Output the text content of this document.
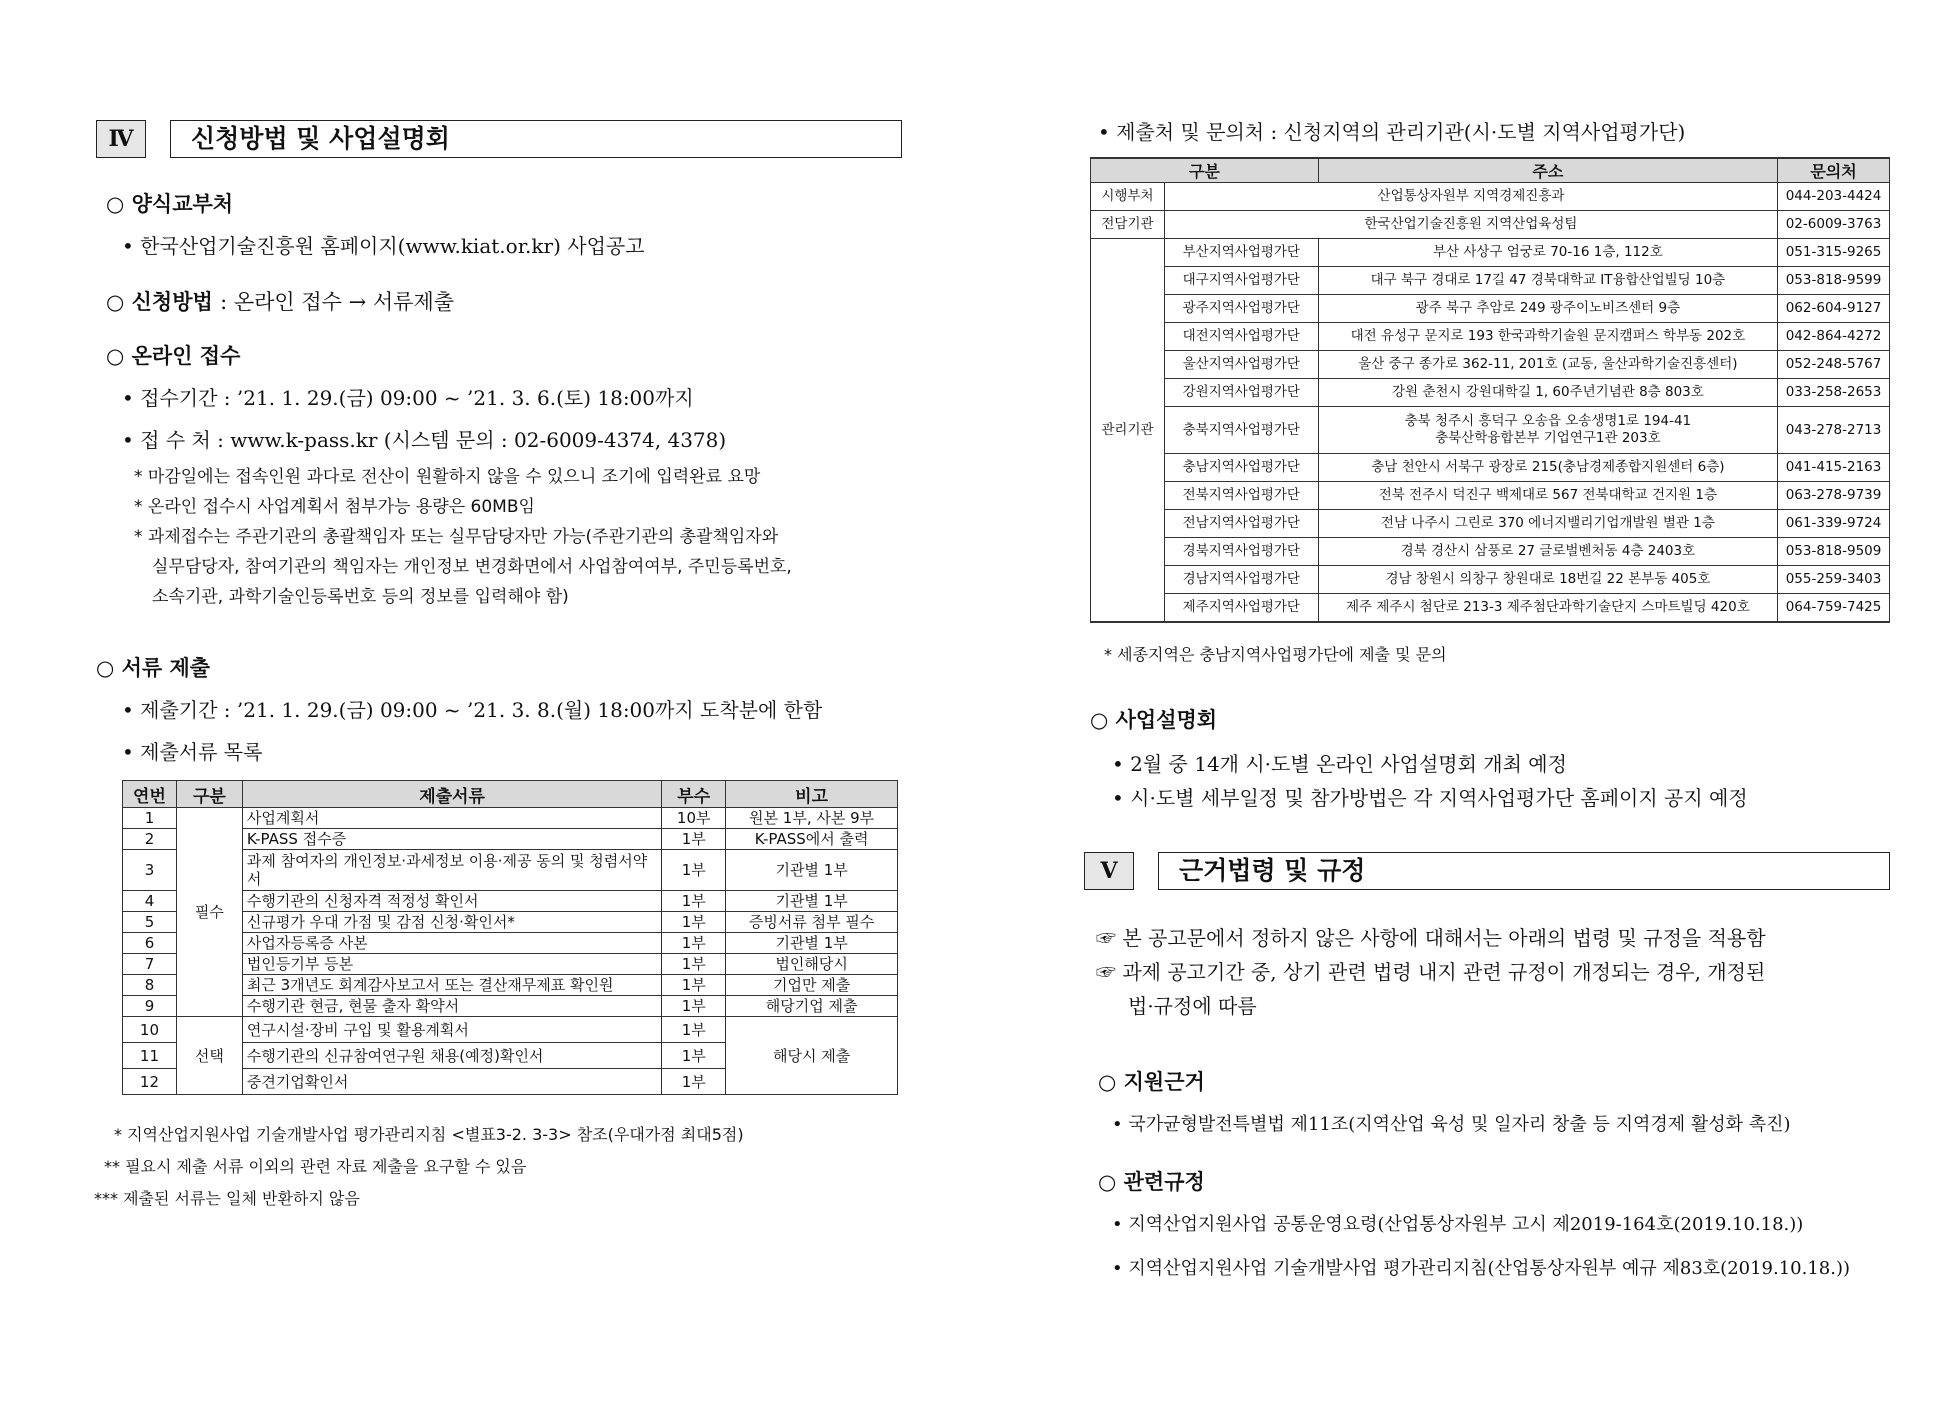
Ⅳ	신청방법 및 사업설명회
○ 양식교부처
• 한국산업기술진흥원 홈페이지(www.kiat.or.kr) 사업공고
○ 신청방법 : 온라인 접수 → 서류제출
○ 온라인 접수
• 접수기간 : ’21. 1. 29.(금) 09:00 ~ ’21. 3. 6.(토) 18:00까지
• 접 수 처 : www.k-pass.kr (시스템 문의 : 02-6009-4374, 4378)
* 마감일에는 접속인원 과다로 전산이 원활하지 않을 수 있으니 조기에 입력완료 요망
* 온라인 접수시 사업계획서 첨부가능 용량은 60MB임
* 과제접수는 주관기관의 총괄책임자 또는 실무담당자만 가능(주관기관의 총괄책임자와
실무담당자, 참여기관의 책임자는 개인정보 변경화면에서 사업참여여부, 주민등록번호,
소속기관, 과학기술인등록번호 등의 정보를 입력해야 함)
○ 서류 제출
• 제출기간 : ’21. 1. 29.(금) 09:00 ~ ’21. 3. 8.(월) 18:00까지 도착분에 한함
• 제출서류 목록
연번	구분	제출서류	부수	비고
1	필수	사업계획서	10부	원본 1부, 사본 9부
2		K-PASS 접수증	1부	K-PASS에서 출력
3		과제 참여자의 개인정보·과세정보 이용·제공 동의 및 청렴서약서	1부	기관별 1부
4		수행기관의 신청자격 적정성 확인서	1부	기관별 1부
5		신규평가 우대 가점 및 감점 신청·확인서*	1부	증빙서류 첨부 필수
6		사업자등록증 사본	1부	기관별 1부
7		법인등기부 등본	1부	법인해당시
8		최근 3개년도 회계감사보고서 또는 결산재무제표 확인원	1부	기업만 제출
9		수행기관 현금, 현물 출자 확약서	1부	해당기업 제출
10	선택	연구시설·장비 구입 및 활용계획서	1부	해당시 제출
11		수행기관의 신규참여연구원 채용(예정)확인서	1부	
12		중견기업확인서	1부	
* 지역산업지원사업 기술개발사업 평가관리지침 <별표3-2. 3-3> 참조(우대가점 최대5점)
** 필요시 제출 서류 이외의 관련 자료 제출을 요구할 수 있음
*** 제출된 서류는 일체 반환하지 않음
• 제출처 및 문의처 : 신청지역의 관리기관(시·도별 지역사업평가단)
구분		주소	문의처
시행부처	산업통상자원부 지역경제진흥과		044-203-4424
전담기관	한국산업기술진흥원 지역산업육성팀		02-6009-3763
관리기관	부산지역사업평가단	부산 사상구 엄궁로 70-16 1층, 112호	051-315-9265
	대구지역사업평가단	대구 북구 경대로 17길 47 경북대학교 IT융합산업빌딩 10층	053-818-9599
	광주지역사업평가단	광주 북구 추암로 249 광주이노비즈센터 9층	062-604-9127
	대전지역사업평가단	대전 유성구 문지로 193 한국과학기술원 문지캠퍼스 학부동 202호	042-864-4272
	울산지역사업평가단	울산 중구 종가로 362-11, 201호 (교동, 울산과학기술진흥센터)	052-248-5767
	강원지역사업평가단	강원 춘천시 강원대학길 1, 60주년기념관 8층 803호	033-258-2653
	충북지역사업평가단	충북 청주시 흥덕구 오송읍 오송생명1로 194-41
충북산학융합본부 기업연구1관 203호	043-278-2713
	충남지역사업평가단	충남 천안시 서북구 광장로 215(충남경제종합지원센터 6층)	041-415-2163
	전북지역사업평가단	전북 전주시 덕진구 백제대로 567 전북대학교 건지원 1층	063-278-9739
	전남지역사업평가단	전남 나주시 그린로 370 에너지밸리기업개발원 별관 1층	061-339-9724
	경북지역사업평가단	경북 경산시 삼풍로 27 글로벌벤처동 4층 2403호	053-818-9509
	경남지역사업평가단	경남 창원시 의창구 창원대로 18번길 22 본부동 405호	055-259-3403
	제주지역사업평가단	제주 제주시 첨단로 213-3 제주첨단과학기술단지 스마트빌딩 420호	064-759-7425
* 세종지역은 충남지역사업평가단에 제출 및 문의
○ 사업설명회
• 2월 중 14개 시·도별 온라인 사업설명회 개최 예정
• 시·도별 세부일정 및 참가방법은 각 지역사업평가단 홈페이지 공지 예정
Ⅴ	근거법령 및 규정
☞ 본 공고문에서 정하지 않은 사항에 대해서는 아래의 법령 및 규정을 적용함
☞ 과제 공고기간 중, 상기 관련 법령 내지 관련 규정이 개정되는 경우, 개정된
법·규정에 따름
○ 지원근거
• 국가균형발전특별법 제11조(지역산업 육성 및 일자리 창출 등 지역경제 활성화 촉진)
○ 관련규정
• 지역산업지원사업 공통운영요령(산업통상자원부 고시 제2019-164호(2019.10.18.))
• 지역산업지원사업 기술개발사업 평가관리지침(산업통상자원부 예규 제83호(2019.10.18.))
